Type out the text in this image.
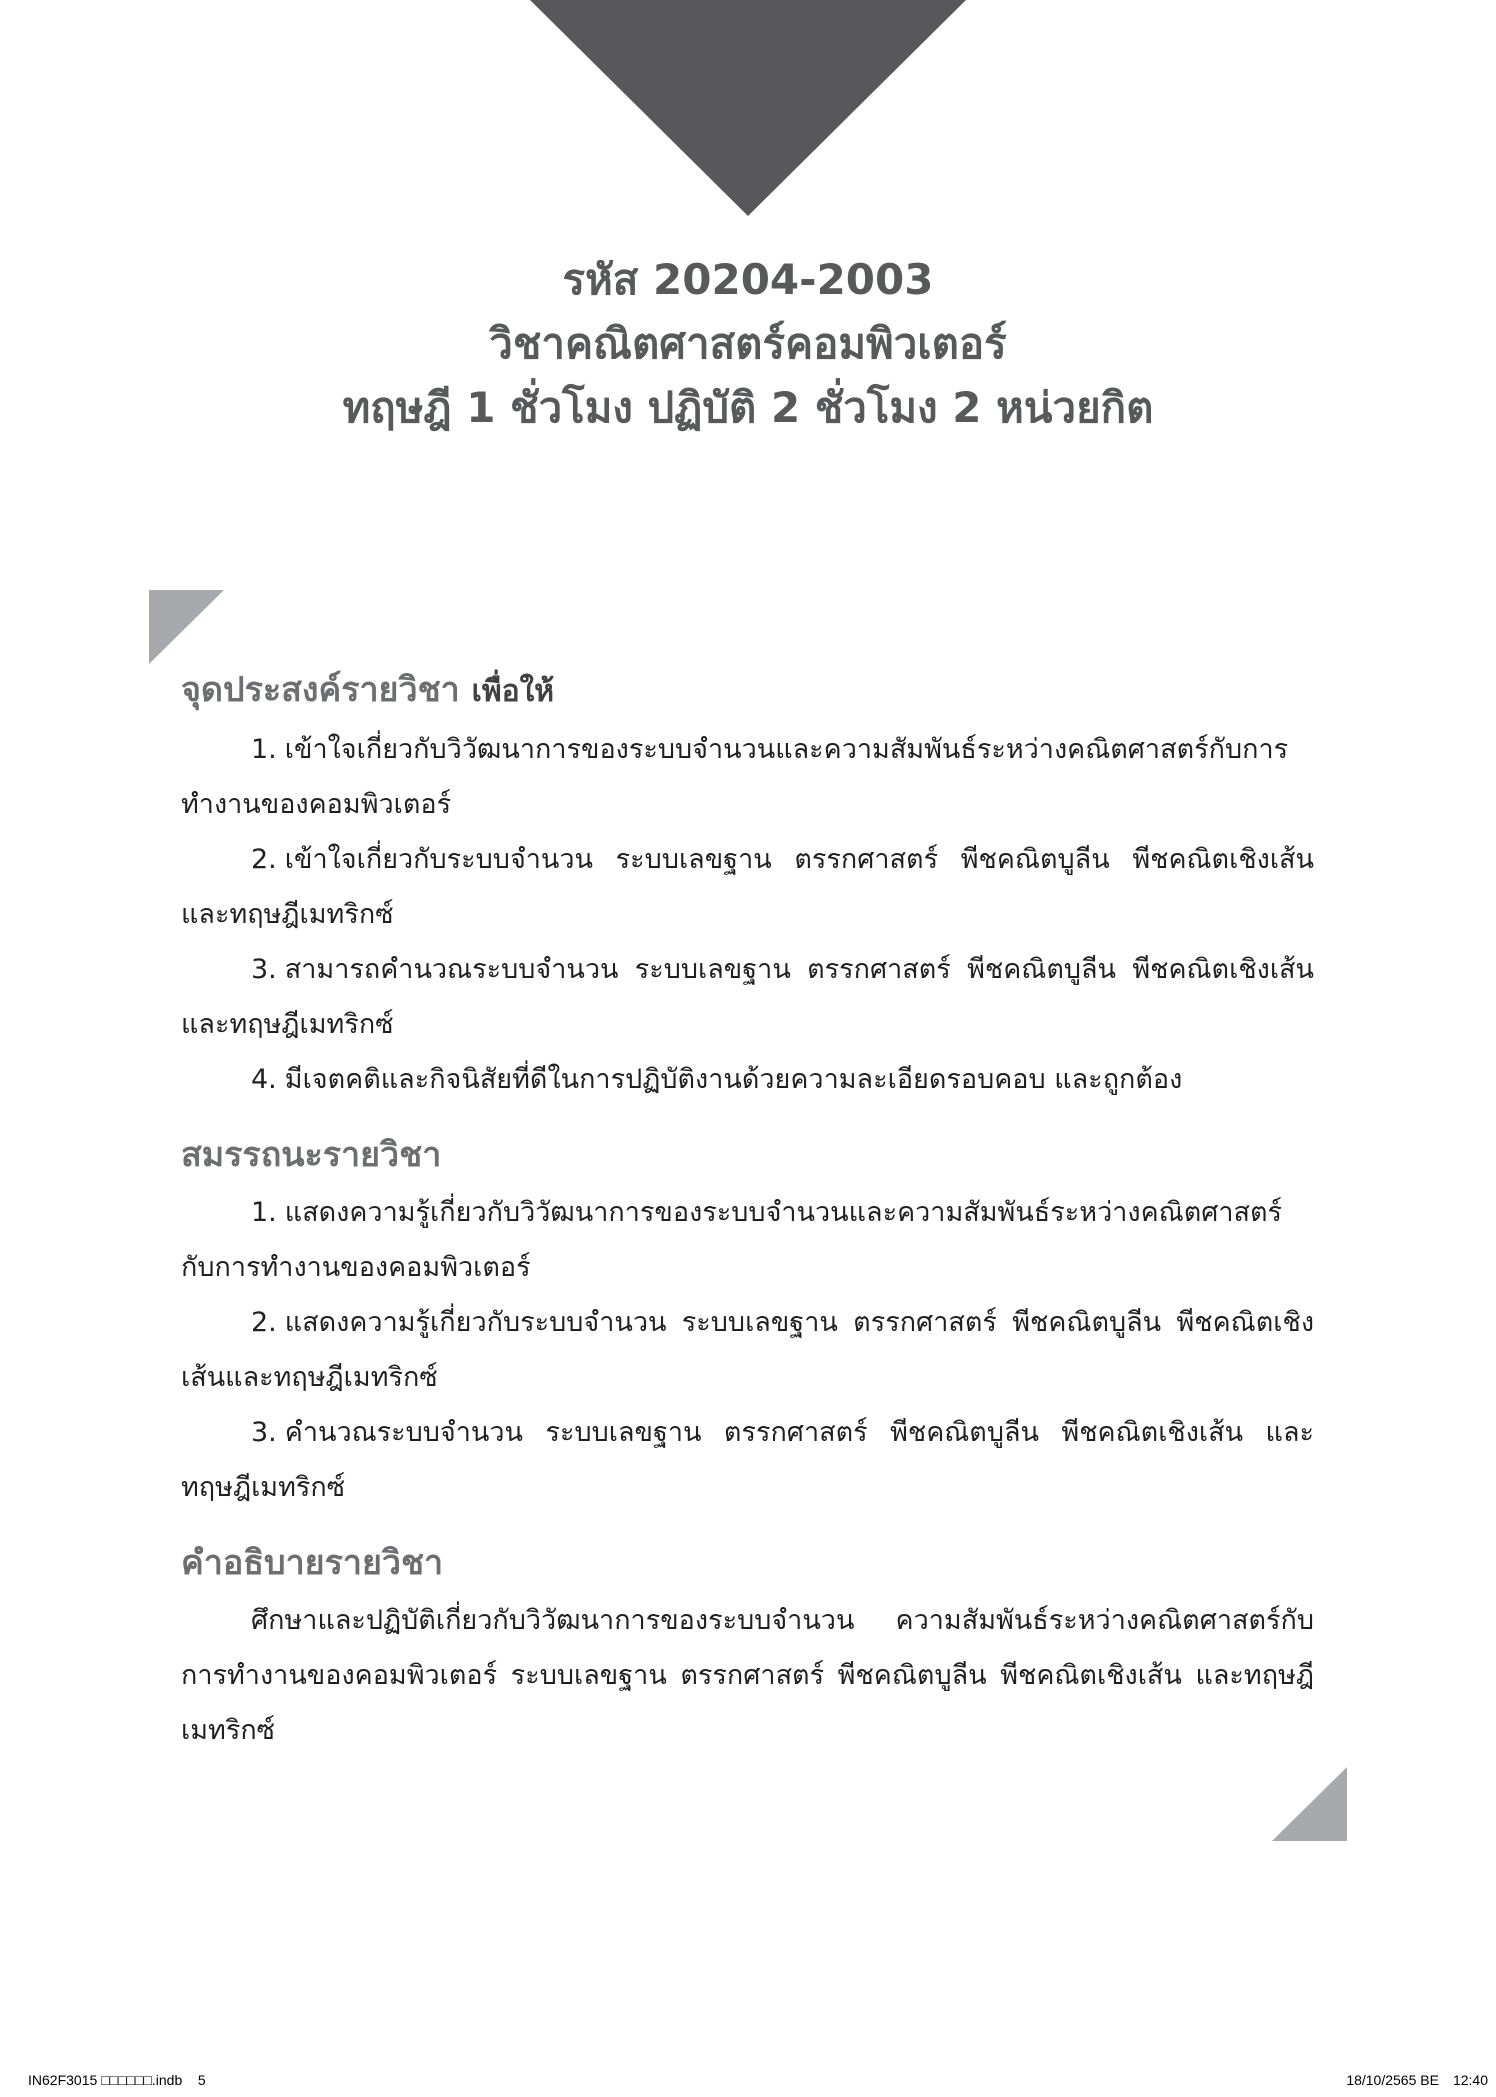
รหัส 20204-2003
วิชาคณิตศาสตร์คอมพิวเตอร์
ทฤษฎี 1 ชั่วโมง ปฏิบัติ 2 ชั่วโมง 2 หน่วยกิต
จุดประสงค์รายวิชา เพื่อให้
1. เข้าใจเกี่ยวกับวิวัฒนาการของระบบจำนวนและความสัมพันธ์ระหว่างคณิตศาสตร์กับการทำงานของคอมพิวเตอร์
2. เข้าใจเกี่ยวกับระบบจำนวน ระบบเลขฐาน ตรรกศาสตร์ พีชคณิตบูลีน พีชคณิตเชิงเส้น และทฤษฎีเมทริกซ์
3. สามารถคำนวณระบบจำนวน ระบบเลขฐาน ตรรกศาสตร์ พีชคณิตบูลีน พีชคณิตเชิงเส้นและทฤษฎีเมทริกซ์
4. มีเจตคติและกิจนิสัยที่ดีในการปฏิบัติงานด้วยความละเอียดรอบคอบ และถูกต้อง
สมรรถนะรายวิชา
1. แสดงความรู้เกี่ยวกับวิวัฒนาการของระบบจำนวนและความสัมพันธ์ระหว่างคณิตศาสตร์กับการทำงานของคอมพิวเตอร์
2. แสดงความรู้เกี่ยวกับระบบจำนวน ระบบเลขฐาน ตรรกศาสตร์ พีชคณิตบูลีน พีชคณิตเชิงเส้นและทฤษฎีเมทริกซ์
3. คำนวณระบบจำนวน ระบบเลขฐาน ตรรกศาสตร์ พีชคณิตบูลีน พีชคณิตเชิงเส้น และทฤษฎีเมทริกซ์
คำอธิบายรายวิชา

ศึกษาและปฏิบัติเกี่ยวกับวิวัฒนาการของระบบจำนวน ความสัมพันธ์ระหว่างคณิตศาสตร์กับการทำงานของคอมพิวเตอร์ ระบบเลขฐาน ตรรกศาสตร์ พีชคณิตบูลีน พีชคณิตเชิงเส้น และทฤษฎีเมทริกซ์

IN62F3015 □□□□□□.indb 5	18/10/2565 BE 12:40
